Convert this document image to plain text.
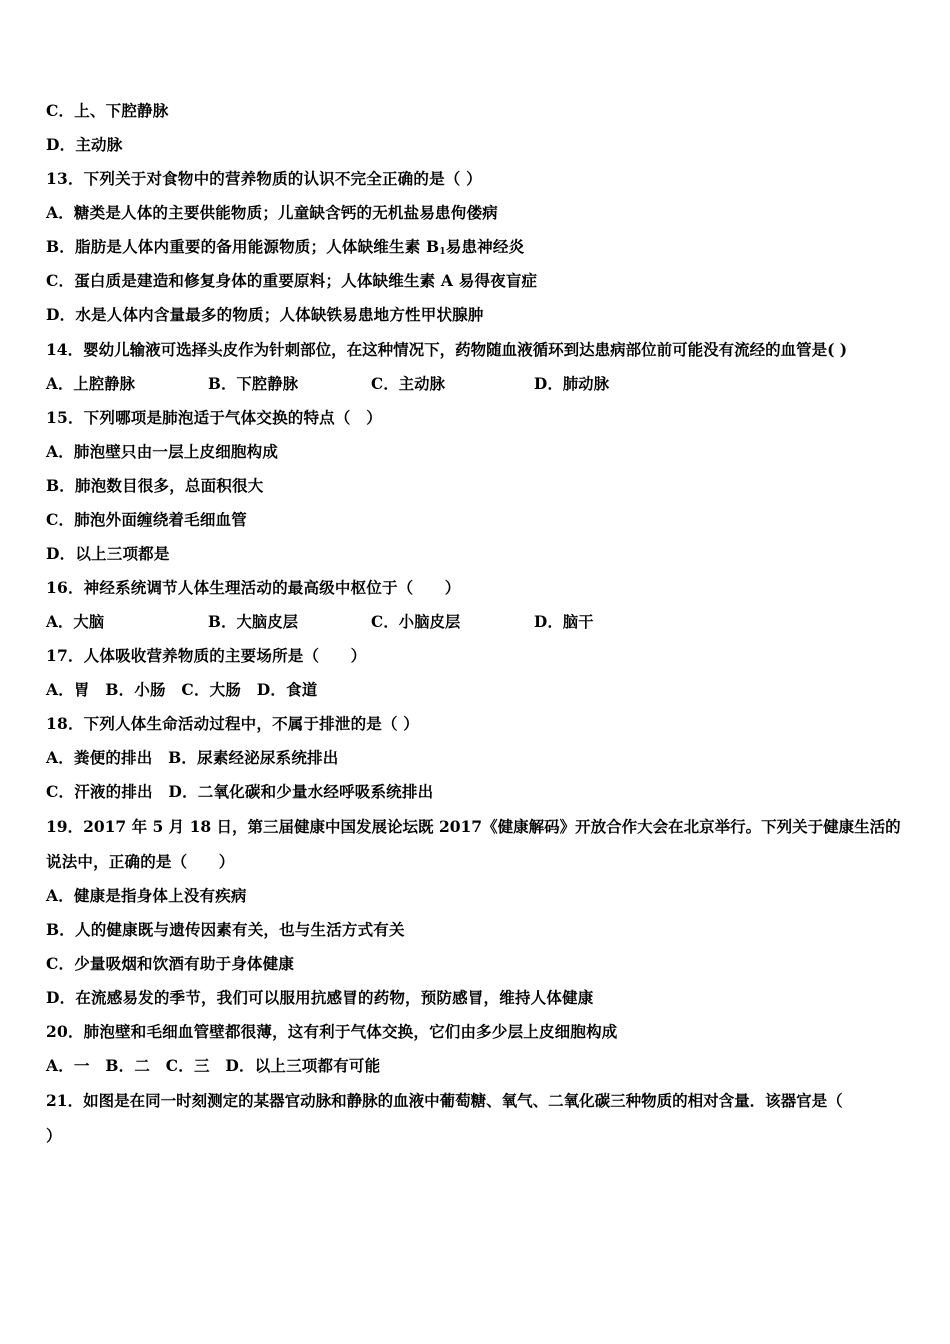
C．上、下腔静脉
D．主动脉
13．下列关于对食物中的营养物质的认识不完全正确的是（ ）
A．糖类是人体的主要供能物质；儿童缺含钙的无机盐易患佝偻病
B．脂肪是人体内重要的备用能源物质；人体缺维生素 $B_1$易患神经炎
C．蛋白质是建造和修复身体的重要原料；人体缺维生素 A 易得夜盲症
D．水是人体内含量最多的物质；人体缺铁易患地方性甲状腺肿
14．婴幼儿输液可选择头皮作为针刺部位，在这种情况下，药物随血液循环到达患病部位前可能没有流经的血管是( )
A．上腔静脉	B．下腔静脉	C．主动脉	D．肺动脉
15．下列哪项是肺泡适于气体交换的特点（　）
A．肺泡壁只由一层上皮细胞构成
B．肺泡数目很多，总面积很大
C．肺泡外面缠绕着毛细血管
D．以上三项都是
16．神经系统调节人体生理活动的最高级中枢位于（　　）
A．大脑	B．大脑皮层	C．小脑皮层	D．脑干
17．人体吸收营养物质的主要场所是（　　）
A．胃　B．小肠　C．大肠　D．食道
18．下列人体生命活动过程中，不属于排泄的是（ ）
A．粪便的排出　B．尿素经泌尿系统排出
C．汗液的排出　D．二氧化碳和少量水经呼吸系统排出
19．2017 年 5 月 18 日，第三届健康中国发展论坛既 2017《健康解码》开放合作大会在北京举行。下列关于健康生活的
说法中，正确的是（　　）
A．健康是指身体上没有疾病
B．人的健康既与遗传因素有关，也与生活方式有关
C．少量吸烟和饮酒有助于身体健康
D．在流感易发的季节，我们可以服用抗感冒的药物，预防感冒，维持人体健康
20．肺泡壁和毛细血管壁都很薄，这有利于气体交换，它们由多少层上皮细胞构成
A．一　B．二　C．三　D．以上三项都有可能
21．如图是在同一时刻测定的某器官动脉和静脉的血液中葡萄糖、氧气、二氧化碳三种物质的相对含量．该器官是（
）
